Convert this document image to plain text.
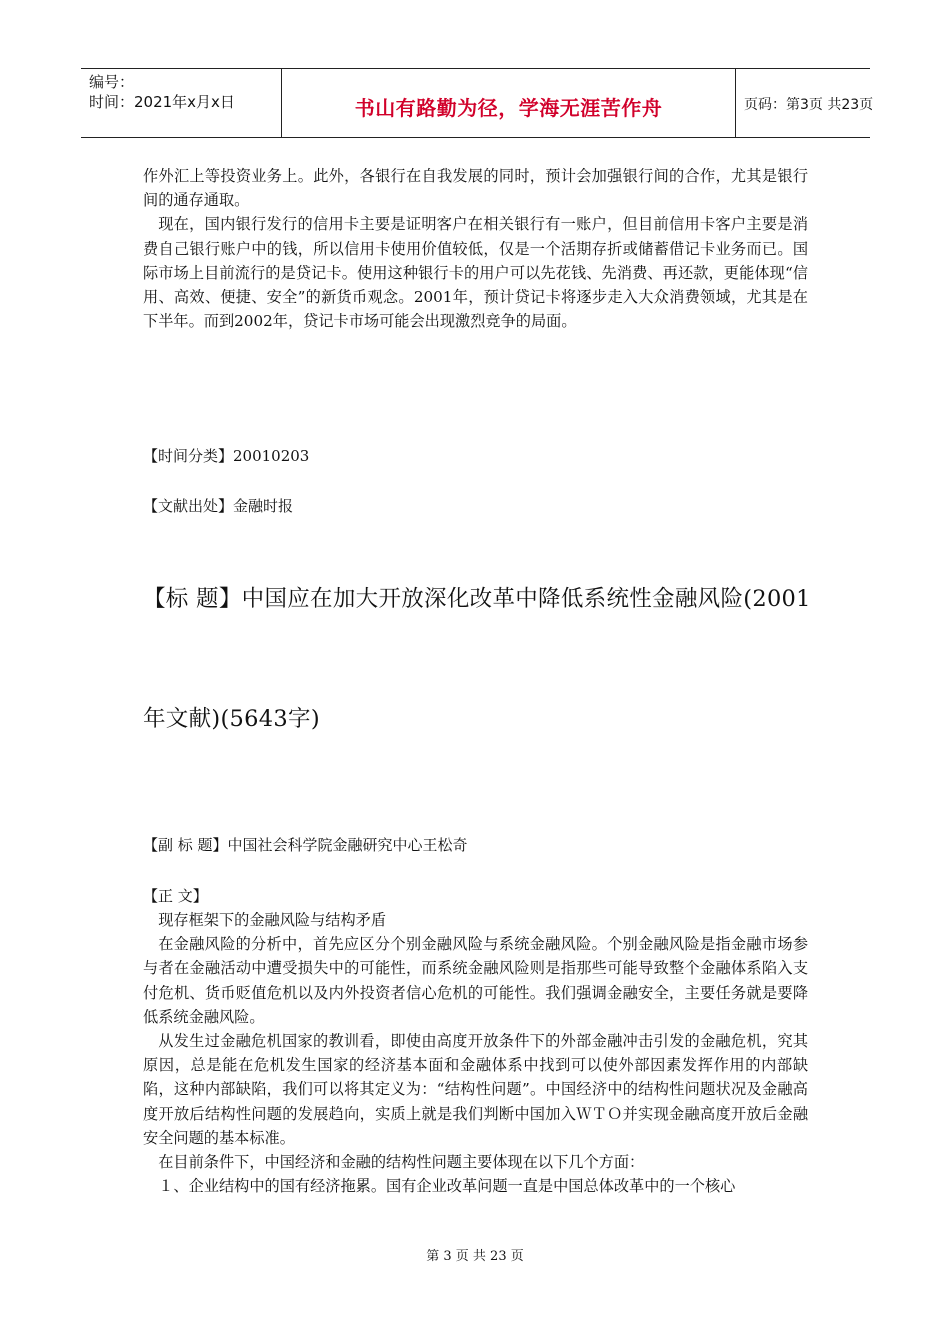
编号：
时间：2021年x月x日	书山有路勤为径，学海无涯苦作舟	页码：第3页 共23页

作外汇上等投资业务上。此外，各银行在自我发展的同时，预计会加强银行间的合作，尤其是银行间的通存通取。

现在，国内银行发行的信用卡主要是证明客户在相关银行有一账户，但目前信用卡客户主要是消费自己银行账户中的钱，所以信用卡使用价值较低，仅是一个活期存折或储蓄借记卡业务而已。国际市场上目前流行的是贷记卡。使用这种银行卡的用户可以先花钱、先消费、再还款，更能体现“信用、高效、便捷、安全”的新货币观念。2001年，预计贷记卡将逐步走入大众消费领域，尤其是在下半年。而到2002年，贷记卡市场可能会出现激烈竞争的局面。

【时间分类】20010203
【文献出处】金融时报
【标 题】中国应在加大开放深化改革中降低系统性金融风险(2001
年文献)(5643字)
【副 标 题】中国社会科学院金融研究中心王松奇
【正 文】

现存框架下的金融风险与结构矛盾

在金融风险的分析中，首先应区分个别金融风险与系统金融风险。个别金融风险是指金融市场参与者在金融活动中遭受损失中的可能性，而系统金融风险则是指那些可能导致整个金融体系陷入支付危机、货币贬值危机以及内外投资者信心危机的可能性。我们强调金融安全，主要任务就是要降低系统金融风险。

从发生过金融危机国家的教训看，即使由高度开放条件下的外部金融冲击引发的金融危机，究其原因，总是能在危机发生国家的经济基本面和金融体系中找到可以使外部因素发挥作用的内部缺陷，这种内部缺陷，我们可以将其定义为：“结构性问题”。中国经济中的结构性问题状况及金融高度开放后结构性问题的发展趋向，实质上就是我们判断中国加入ＷＴＯ并实现金融高度开放后金融安全问题的基本标准。

在目前条件下，中国经济和金融的结构性问题主要体现在以下几个方面：

１、企业结构中的国有经济拖累。国有企业改革问题一直是中国总体改革中的一个核心

第 3 页 共 23 页
